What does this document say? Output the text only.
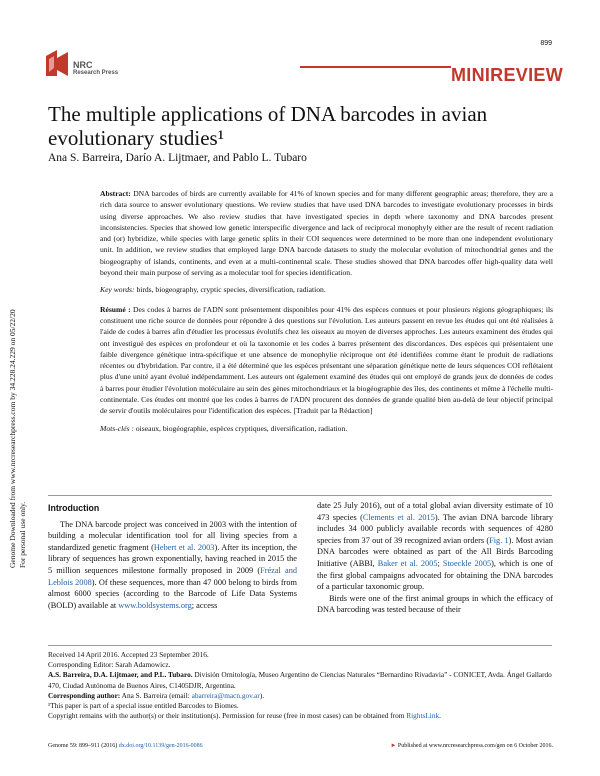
899
NRC
Research Press	MINIREVIEW
The multiple applications of DNA barcodes in avian evolutionary studies¹
Ana S. Barreira, Darío A. Lijtmaer, and Pablo L. Tubaro
Genome Downloaded from www.nrcresearchpress.com by 34.228.24.229 on 05/22/20 For personal use only.

Abstract: DNA barcodes of birds are currently available for 41% of known species and for many different geographic areas; therefore, they are a rich data source to answer evolutionary questions. We review studies that have used DNA barcodes to investigate evolutionary processes in birds using diverse approaches. We also review studies that have investigated species in depth where taxonomy and DNA barcodes present inconsistencies. Species that showed low genetic interspecific divergence and lack of reciprocal monophyly either are the result of recent radiation and (or) hybridize, while species with large genetic splits in their COI sequences were determined to be more than one independent evolutionary unit. In addition, we review studies that employed large DNA barcode datasets to study the molecular evolution of mitochondrial genes and the biogeography of islands, continents, and even at a multi-continental scale. These studies showed that DNA barcodes offer high-quality data well beyond their main purpose of serving as a molecular tool for species identification.

Key words: birds, biogeography, cryptic species, diversification, radiation.

Résumé : Des codes à barres de l'ADN sont présentement disponibles pour 41% des espèces connues et pour plusieurs régions géographiques; ils constituent une riche source de données pour répondre à des questions sur l'évolution. Les auteurs passent en revue les études qui ont été réalisées à l'aide de codes à barres afin d'étudier les processus évolutifs chez les oiseaux au moyen de diverses approches. Les auteurs examinent des études qui ont investigué des espèces en profondeur et où la taxonomie et les codes à barres présentent des discordances. Des espèces qui présentaient une faible divergence génétique intra-spécifique et une absence de monophylie réciproque ont été identifiées comme étant le produit de radiations récentes ou d'hybridation. Par contre, il a été déterminé que les espèces présentant une séparation génétique nette de leurs séquences COI reflétaient plus d'une unité ayant évolué indépendamment. Les auteurs ont également examiné des études qui ont employé de grands jeux de données de codes à barres pour étudier l'évolution moléculaire au sein des gènes mitochondriaux et la biogéographie des îles, des continents et même à l'échelle multi-continentale. Ces études ont montré que les codes à barres de l'ADN procurent des données de grande qualité bien au-delà de leur objectif principal de servir d'outils moléculaires pour l'identification des espèces. [Traduit par la Rédaction]

Mots-clés : oiseaux, biogéographie, espèces cryptiques, diversification, radiation.

Introduction

The DNA barcode project was conceived in 2003 with the intention of building a molecular identification tool for all living species from a standardized genetic fragment (Hebert et al. 2003). After its inception, the library of sequences has grown exponentially, having reached in 2015 the 5 million sequences milestone formally proposed in 2009 (Frézal and Leblois 2008). Of these sequences, more than 47 000 belong to birds from almost 6000 species (according to the Barcode of Life Data Systems (BOLD) available at www.boldsystems.org; access

date 25 July 2016), out of a total global avian diversity estimate of 10 473 species (Clements et al. 2015). The avian DNA barcode library includes 34 000 publicly available records with sequences of 4280 species from 37 out of 39 recognized avian orders (Fig. 1). Most avian DNA barcodes were obtained as part of the All Birds Barcoding Initiative (ABBI, Baker et al. 2005; Stoeckle 2005), which is one of the first global campaigns advocated for obtaining the DNA barcodes of a particular taxonomic group.

Birds were one of the first animal groups in which the efficacy of DNA barcoding was tested because of their

Received 14 April 2016. Accepted 23 September 2016.

Corresponding Editor: Sarah Adamowicz.

A.S. Barreira, D.A. Lijtmaer, and P.L. Tubaro. División Ornitología, Museo Argentino de Ciencias Naturales “Bernardino Rivadavia” - CONICET, Avda. Ángel Gallardo 470, Ciudad Autónoma de Buenos Aires, C1405DJR, Argentina.

Corresponding author: Ana S. Barreira (email: abarreira@macn.gov.ar).

¹This paper is part of a special issue entitled Barcodes to Biomes.

Copyright remains with the author(s) or their institution(s). Permission for reuse (free in most cases) can be obtained from RightsLink.

Genome 59: 899–911 (2016) dx.doi.org/10.1139/gen-2016-0086	► Published at www.nrcresearchpress.com/gen on 6 October 2016.
